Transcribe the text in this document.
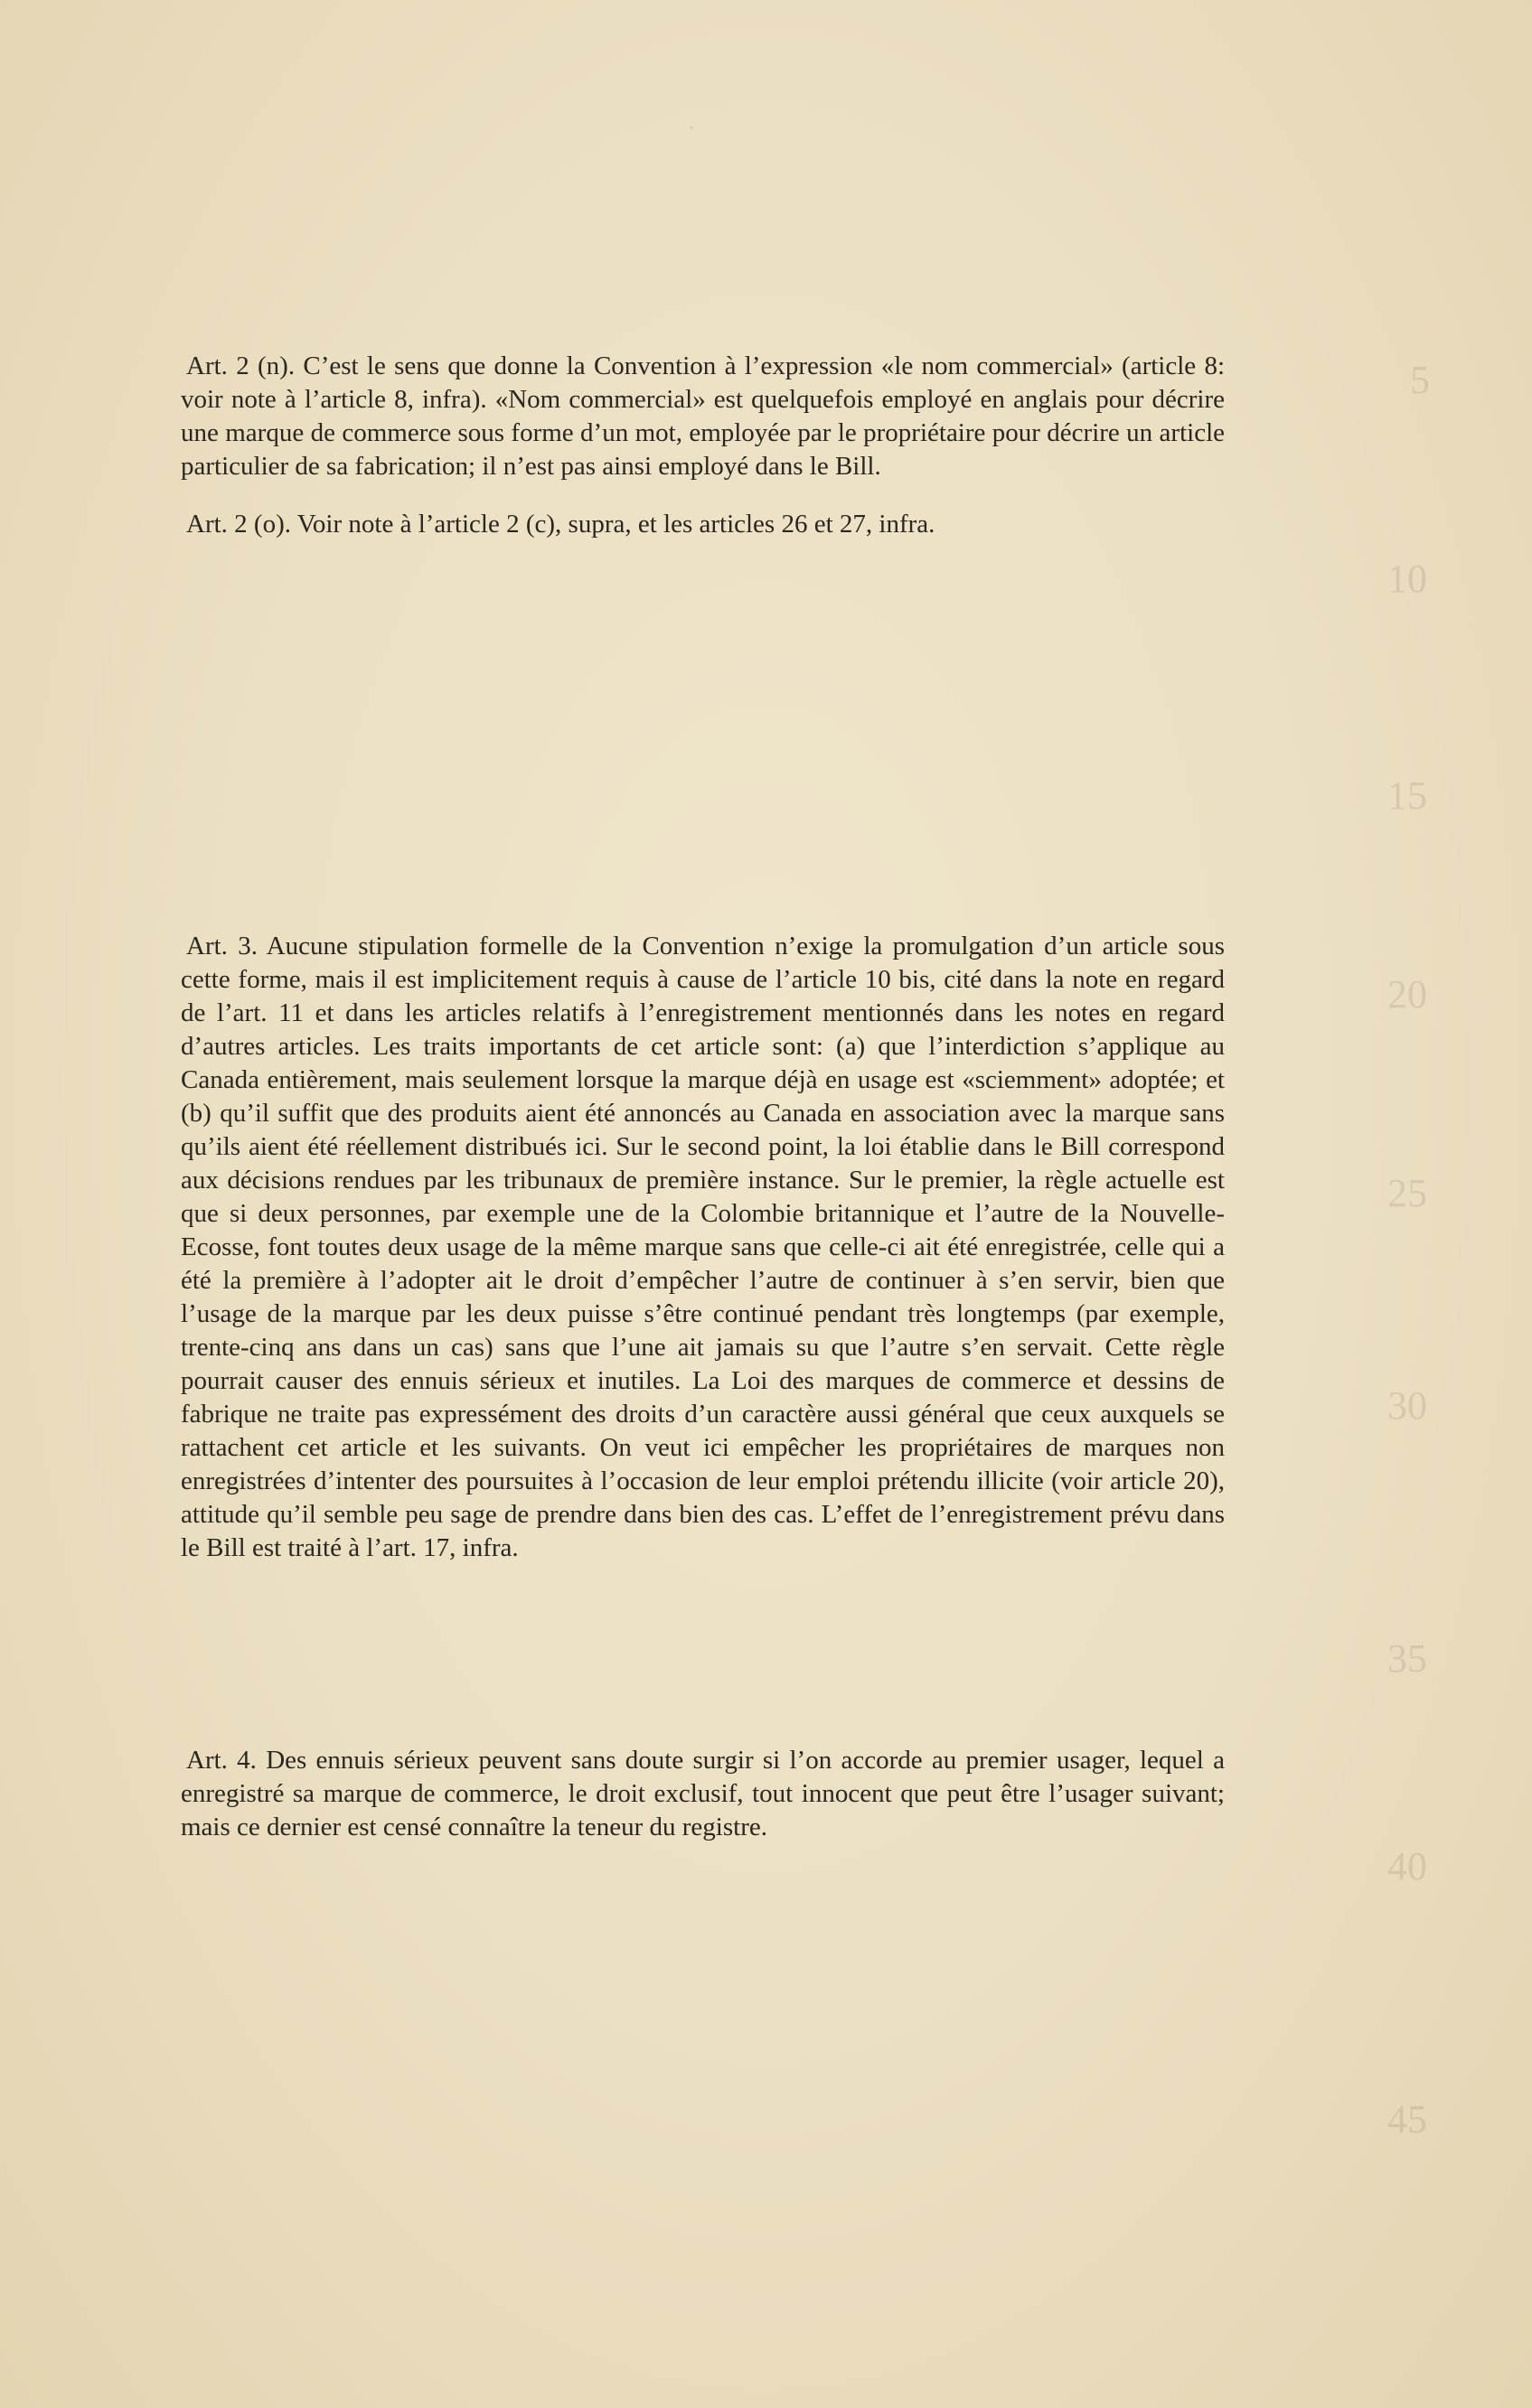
·
5
10
15
20
25
30
35
40
45

Art. 2 (n). C’est le sens que donne la Convention à l’expression «le nom commercial» (article 8: voir note à l’article 8, infra). «Nom commercial» est quelquefois employé en anglais pour décrire une marque de commerce sous forme d’un mot, employée par le propriétaire pour décrire un article particulier de sa fabrication; il n’est pas ainsi employé dans le Bill.

Art. 2 (o). Voir note à l’article 2 (c), supra, et les articles 26 et 27, infra.

Art. 3. Aucune stipulation formelle de la Convention n’exige la promulgation d’un article sous cette forme, mais il est implicitement requis à cause de l’article 10 bis, cité dans la note en regard de l’art. 11 et dans les articles relatifs à l’enregistrement mentionnés dans les notes en regard d’autres articles. Les traits importants de cet article sont: (a) que l’interdiction s’applique au Canada entièrement, mais seulement lorsque la marque déjà en usage est «sciemment» adoptée; et (b) qu’il suffit que des produits aient été annoncés au Canada en association avec la marque sans qu’ils aient été réellement distribués ici. Sur le second point, la loi établie dans le Bill correspond aux décisions rendues par les tribunaux de première instance. Sur le premier, la règle actuelle est que si deux personnes, par exemple une de la Colombie britannique et l’autre de la Nouvelle-Ecosse, font toutes deux usage de la même marque sans que celle-ci ait été enregistrée, celle qui a été la première à l’adopter ait le droit d’empêcher l’autre de continuer à s’en servir, bien que l’usage de la marque par les deux puisse s’être continué pendant très longtemps (par exemple, trente-cinq ans dans un cas) sans que l’une ait jamais su que l’autre s’en servait. Cette règle pourrait causer des ennuis sérieux et inutiles. La Loi des marques de commerce et dessins de fabrique ne traite pas expressément des droits d’un caractère aussi général que ceux auxquels se rattachent cet article et les suivants. On veut ici empêcher les propriétaires de marques non enregistrées d’intenter des poursuites à l’occasion de leur emploi prétendu illicite (voir article 20), attitude qu’il semble peu sage de prendre dans bien des cas. L’effet de l’enregistrement prévu dans le Bill est traité à l’art. 17, infra.

Art. 4. Des ennuis sérieux peuvent sans doute surgir si l’on accorde au premier usager, lequel a enregistré sa marque de commerce, le droit exclusif, tout innocent que peut être l’usager suivant; mais ce dernier est censé connaître la teneur du registre.
